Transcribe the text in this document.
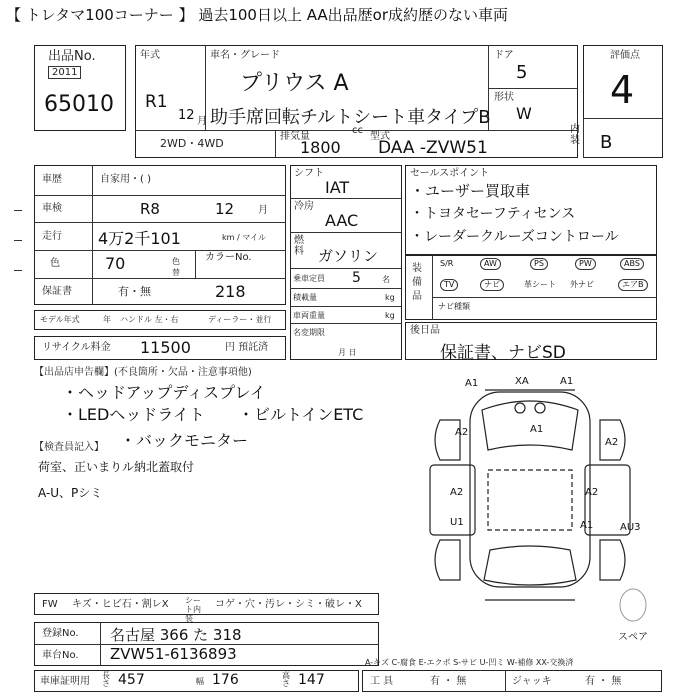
【 トレタマ100コーナー 】 過去100日以上 AA出品歴or成約歴のない車両
出品No.
2011
65010
年式
R1
12 月
車名・グレード
プリウス A
助手席回転チルトシート車タイプB
ドア
5
形状
W
2WD・4WD
排気量
1800
cc
型式
DAA -ZVW51
評価点
4
内装 B
車歴	自家用・( )
車検	R8	12 月
走行 4万2千101	km / マイル
色	70	色替
カラーNo.
保証書	有・無	218
モデル年式	年 ハンドル 左・右	ディーラー・並行
リサイクル料金 11500	円 預託済
シフト
IAT
冷房
AAC
燃料 ガソリン
乗車定員 5	名
積載量	kg
車両重量	kg
名変期限
月 日
セールスポイント
・ユーザー買取車
・トヨタセーフティセンス
・レーダークルーズコントロール
装備品
S/R	AW	PS	PW	ABS
TV	ナビ	革シート 外ナビ	エアB
ナビ種類
後日品
保証書、ナビSD
【出品店申告欄】(不良箇所・欠品・注意事項他)
・ヘッドアップディスプレイ
・LEDヘッドライト ・ビルトインETC
・バックモニター
【検査員記入】
荷室、正いまりル納北蓋取付
A-U、Pシミ
A1	XA	A1
A2	A1
A2
A2	A2
U1	A1	AU3
スペア
FW キズ・ヒビ石・割レX シート内装
コゲ・穴・汚レ・シミ・破レ・X
登録No. 名古屋 366 た 318
車台No. ZVW51-6136893
車庫証明用
長さ 457	幅 176	高さ 147
A-キズ C-腐食 E-エクボ S-サビ U-凹ミ W-補修 XX-交換済
工 具	有 ・ 無	ジャッキ	有 ・ 無
